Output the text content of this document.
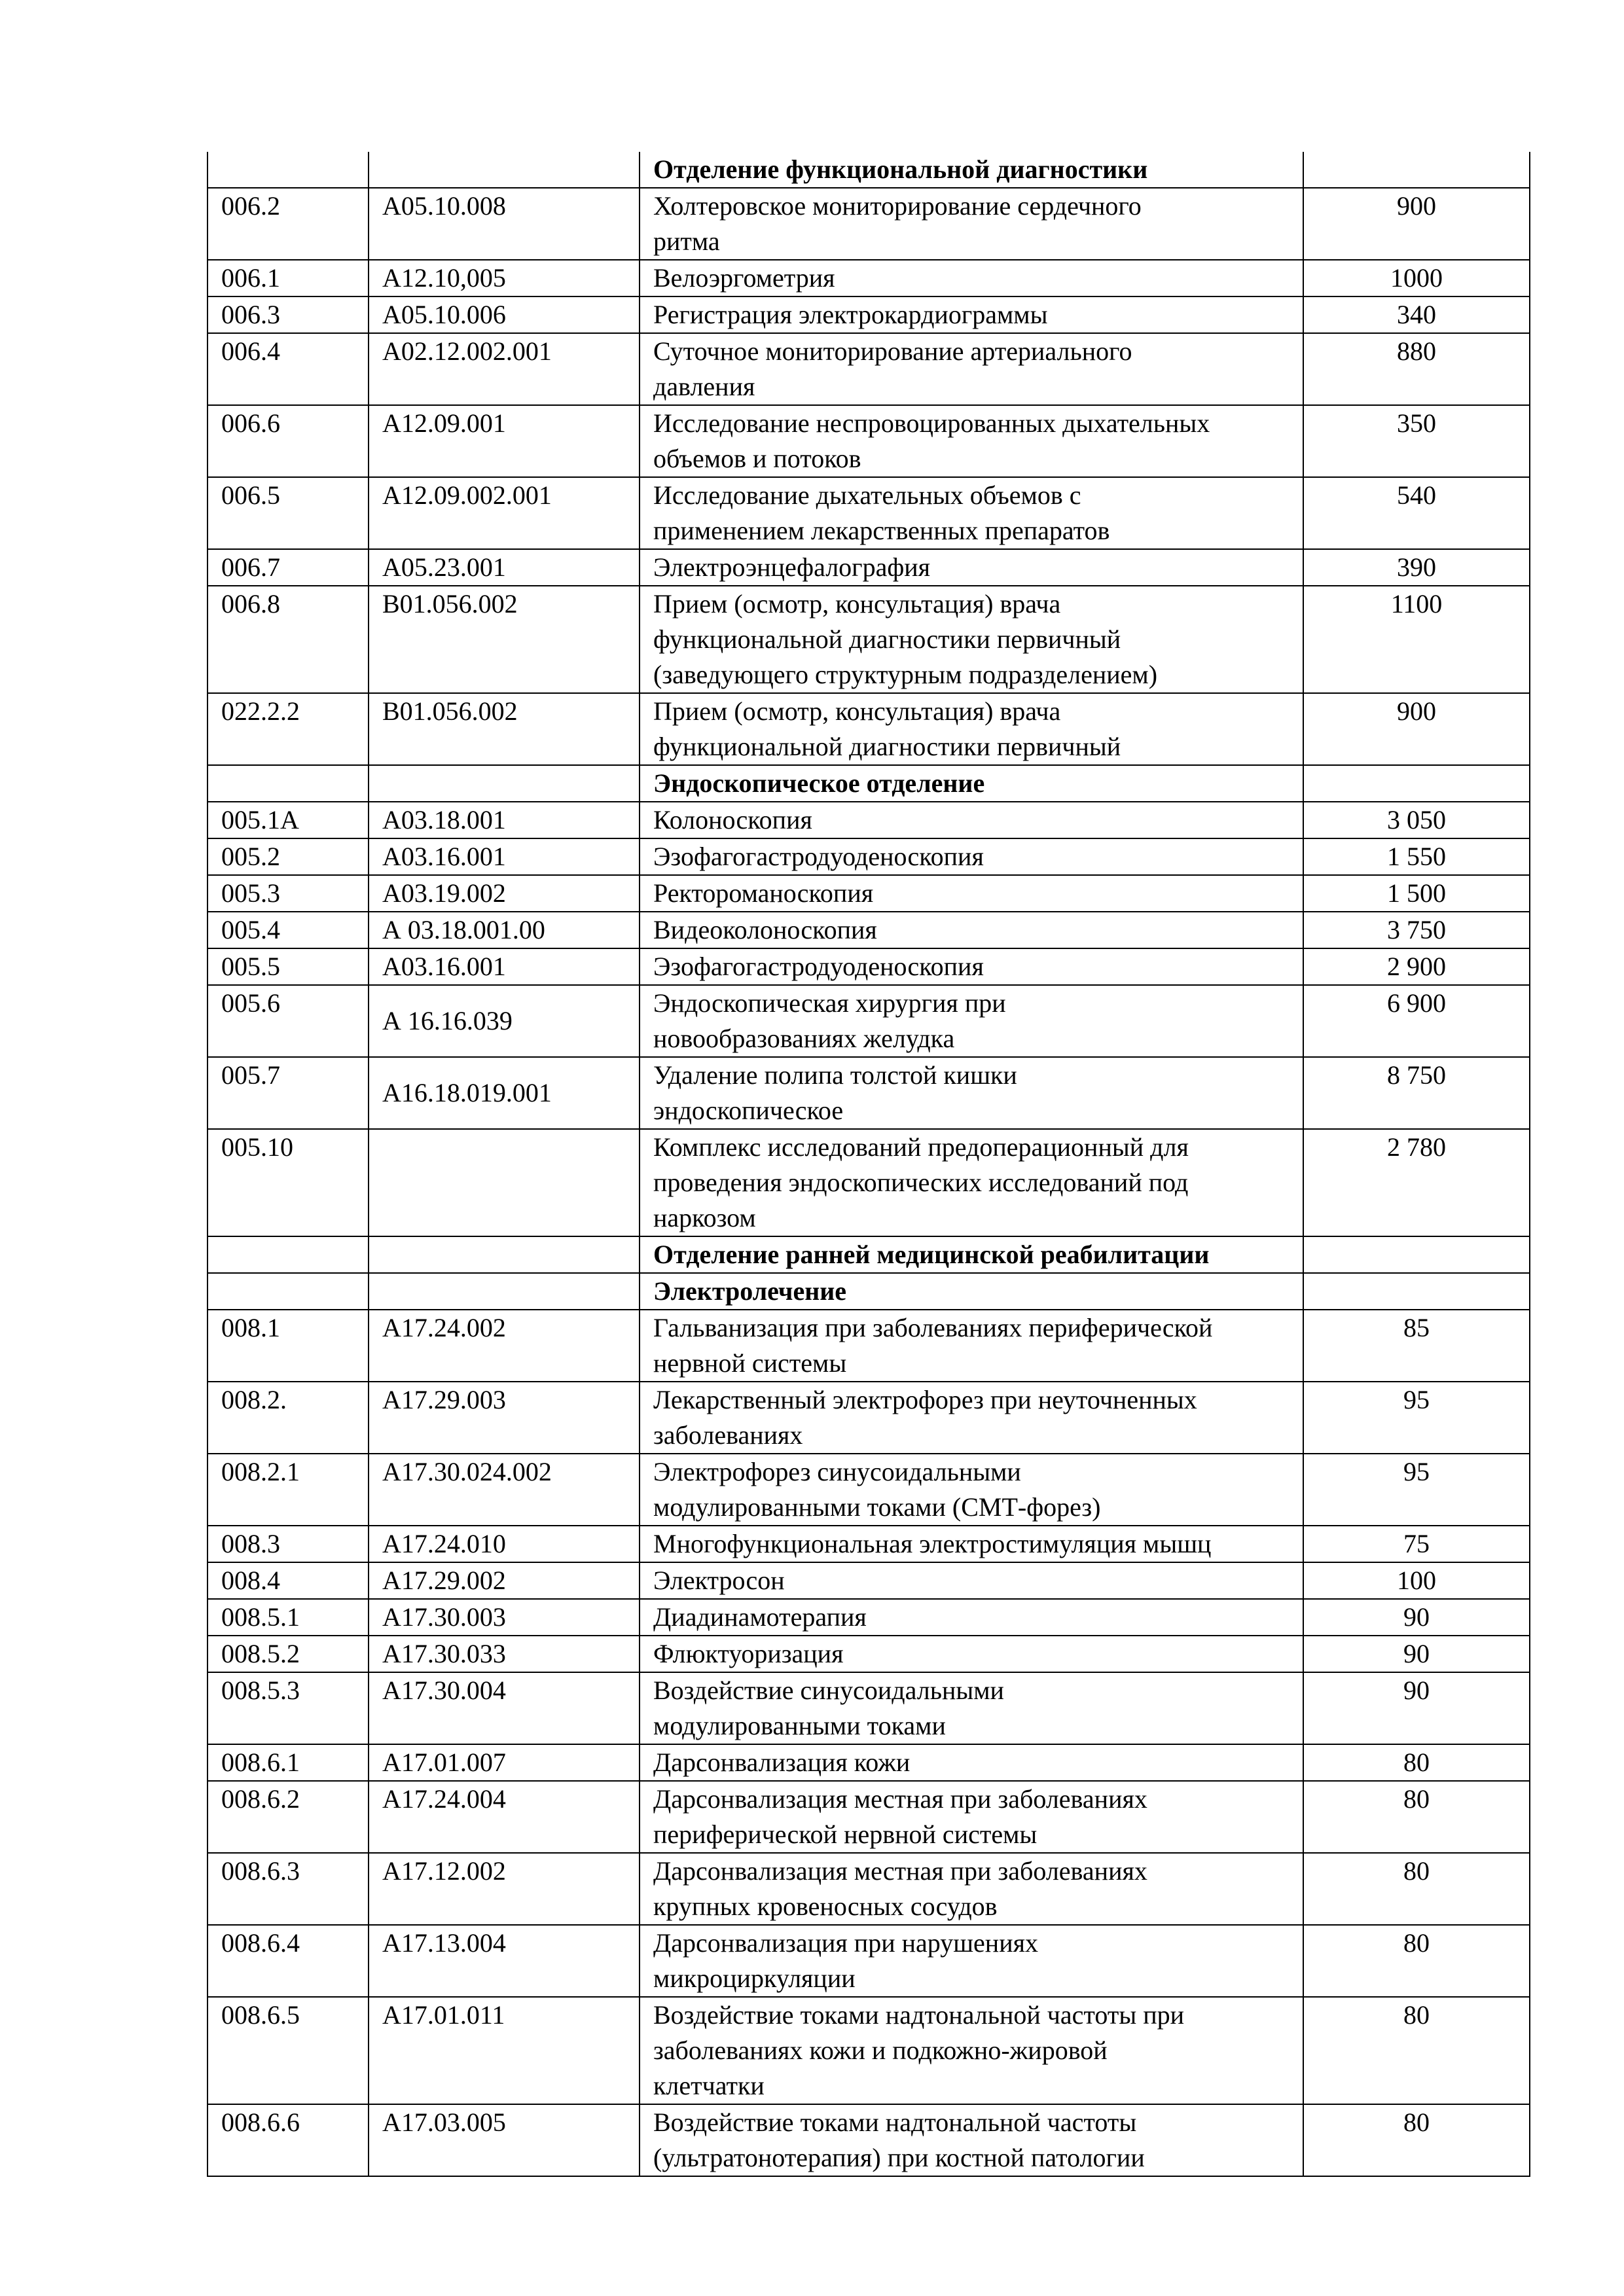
		Отделение функциональной диагностики	
006.2	А05.10.008	Холтеровское мониторирование сердечного
ритма	900
006.1	А12.10,005	Велоэргометрия	1000
006.3	А05.10.006	Регистрация электрокардиограммы	340
006.4	А02.12.002.001	Суточное мониторирование артериального
давления	880
006.6	А12.09.001	Исследование неспровоцированных дыхательных
объемов и потоков	350
006.5	А12.09.002.001	Исследование дыхательных объемов с
применением лекарственных препаратов	540
006.7	А05.23.001	Электроэнцефалография	390
006.8	В01.056.002	Прием (осмотр, консультация) врача
функциональной диагностики первичный
(заведующего структурным подразделением)	1100
022.2.2	В01.056.002	Прием (осмотр, консультация) врача
функциональной диагностики первичный	900
		Эндоскопическое отделение	
005.1А	А03.18.001	Колоноскопия	3 050
005.2	А03.16.001	Эзофагогастродуоденоскопия	1 550
005.3	А03.19.002	Ректороманоскопия	1 500
005.4	А 03.18.001.00	Видеоколоноскопия	3 750
005.5	А03.16.001	Эзофагогастродуоденоскопия	2 900
005.6	А 16.16.039	Эндоскопическая хирургия при
новообразованиях желудка	6 900
005.7	А16.18.019.001	Удаление полипа толстой кишки
эндоскопическое	8 750
005.10		Комплекс исследований предоперационный для
проведения эндоскопических исследований под
наркозом	2 780
		Отделение ранней медицинской реабилитации	
		Электролечение	
008.1	А17.24.002	Гальванизация при заболеваниях периферической
нервной системы	85
008.2.	А17.29.003	Лекарственный электрофорез при неуточненных
заболеваниях	95
008.2.1	А17.30.024.002	Электрофорез синусоидальными
модулированными токами (СМТ-форез)	95
008.3	А17.24.010	Многофункциональная электростимуляция мышц	75
008.4	А17.29.002	Электросон	100
008.5.1	А17.30.003	Диадинамотерапия	90
008.5.2	А17.30.033	Флюктуоризация	90
008.5.3	А17.30.004	Воздействие синусоидальными
модулированными токами	90
008.6.1	А17.01.007	Дарсонвализация кожи	80
008.6.2	А17.24.004	Дарсонвализация местная при заболеваниях
периферической нервной системы	80
008.6.3	А17.12.002	Дарсонвализация местная при заболеваниях
крупных кровеносных сосудов	80
008.6.4	А17.13.004	Дарсонвализация при нарушениях
микроциркуляции	80
008.6.5	А17.01.011	Воздействие токами надтональной частоты при
заболеваниях кожи и подкожно-жировой
клетчатки	80
008.6.6	А17.03.005	Воздействие токами надтональной частоты
(ультратонотерапия) при костной патологии	80
